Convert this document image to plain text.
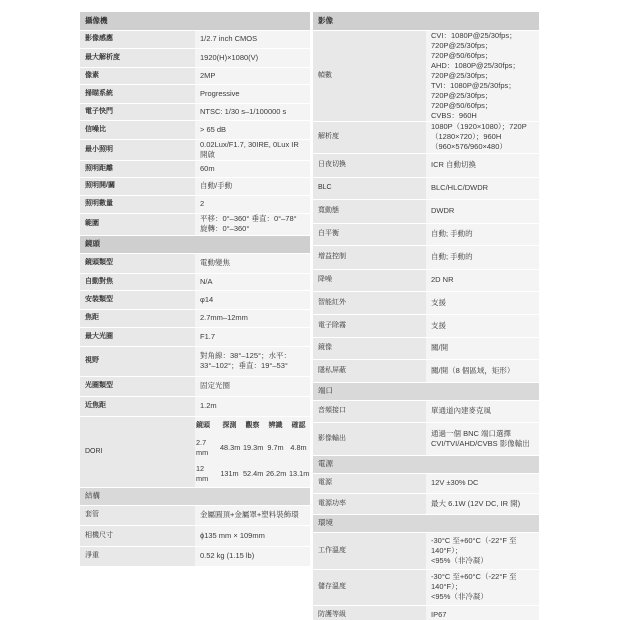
攝像機
影像感應	1/2.7 inch CMOS
最大解析度	1920(H)×1080(V)
像素	2MP
掃瞄系統	Progressive
電子快門	NTSC: 1/30 s–1/100000 s
信噪比	> 65 dB
最小照明	0.02Lux/F1.7, 30IRE, 0Lux IR 開啟
照明距離	60m
照明開/關	自動/手動
照明數量	2
範圍	平移：0°–360° 垂直：0°–78°
旋轉：0°–360°
鏡頭
鏡頭類型	電動變焦
自動對焦	N/A
安裝類型	φ14
焦距	2.7mm–12mm
最大光圈	F1.7
視野	對角線：38°–125°；水平：33°–102°；垂直：19°–53°
光圈類型	固定光圈
近焦距	1.2m
DORI	
鏡頭	探測	觀察	辨識	確認
2.7 mm	48.3m	19.3m	9.7m	4.8m
12 mm	131m	52.4m	26.2m	13.1m

結構
套管	金屬圓頂+金屬罩+塑料裝飾環
相機尺寸	ϕ135 mm × 109mm
淨重	0.52 kg (1.15 lb)
影像	
幀數	CVI：1080P@25/30fps；720P@25/30fps；720P@50/60fps；
AHD：1080P@25/30fps；720P@25/30fps；
TVI：1080P@25/30fps；720P@25/30fps；720P@50/60fps；
CVBS：960H
解析度	1080P（1920×1080）；720P（1280×720）；960H（960×576/960×480）
日夜切換	ICR 自動切換
BLC	BLC/HLC/DWDR
寬動態	DWDR
白平衡	自動; 手動的
增益控制	自動; 手動的
降噪	2D NR
智能紅外	支援
電子除霧	支援
鏡像	關/開
隱私屏蔽	關/開（8 個區域，矩形）
端口	
音頻接口	單通道內建麥克風
影像輸出	通過一個 BNC 端口選擇
CVI/TVI/AHD/CVBS 影像輸出
電源	
電源	12V ±30% DC
電源功率	最大 6.1W (12V DC, IR 開)
環境	
工作溫度	-30°C 至+60°C（-22°F 至 140°F）；
<95%（非冷凝）
儲存溫度	-30°C 至+60°C（-22°F 至 140°F）；
<95%（非冷凝）
防護等級	IP67
